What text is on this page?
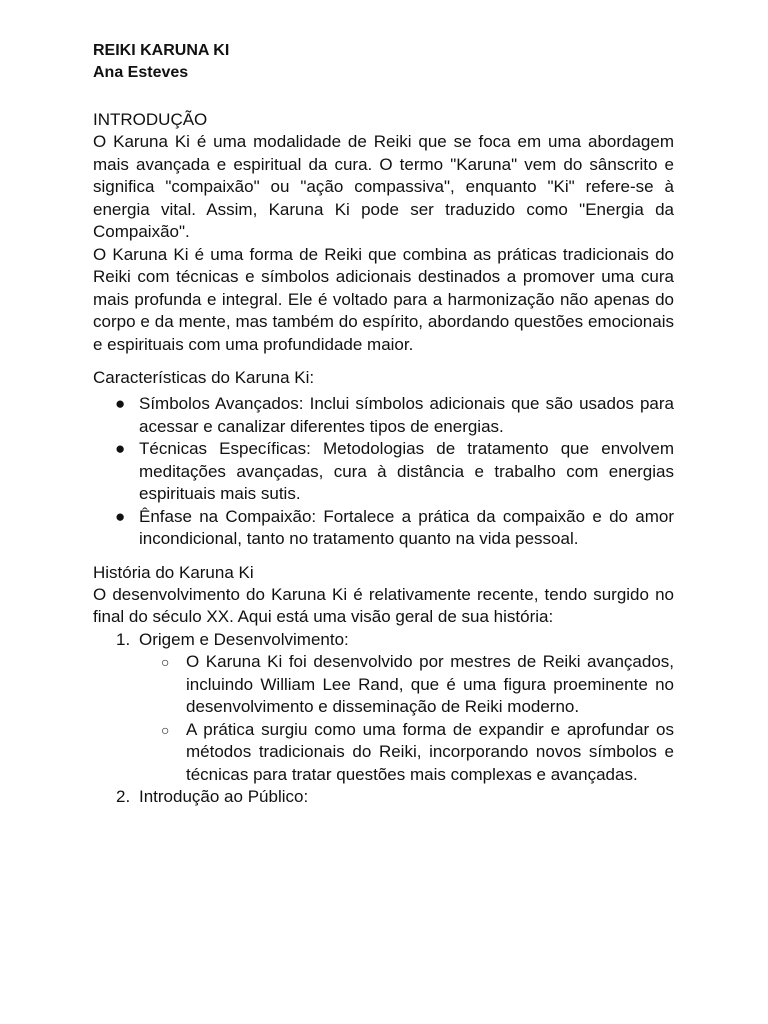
REIKI KARUNA KI

Ana Esteves

INTRODUÇÃO

O Karuna Ki é uma modalidade de Reiki que se foca em uma abordagem mais avançada e espiritual da cura. O termo "Karuna" vem do sânscrito e significa "compaixão" ou "ação compassiva", enquanto "Ki" refere-se à energia vital. Assim, Karuna Ki pode ser traduzido como "Energia da Compaixão".

O Karuna Ki é uma forma de Reiki que combina as práticas tradicionais do Reiki com técnicas e símbolos adicionais destinados a promover uma cura mais profunda e integral. Ele é voltado para a harmonização não apenas do corpo e da mente, mas também do espírito, abordando questões emocionais e espirituais com uma profundidade maior.

Características do Karuna Ki:

● Símbolos Avançados: Inclui símbolos adicionais que são usados para acessar e canalizar diferentes tipos de energias.
● Técnicas Específicas: Metodologias de tratamento que envolvem meditações avançadas, cura à distância e trabalho com energias espirituais mais sutis.
● Ênfase na Compaixão: Fortalece a prática da compaixão e do amor incondicional, tanto no tratamento quanto na vida pessoal.

História do Karuna Ki

O desenvolvimento do Karuna Ki é relativamente recente, tendo surgido no final do século XX. Aqui está uma visão geral de sua história:

1. Origem e Desenvolvimento:
○ O Karuna Ki foi desenvolvido por mestres de Reiki avançados, incluindo William Lee Rand, que é uma figura proeminente no desenvolvimento e disseminação de Reiki moderno.
○ A prática surgiu como uma forma de expandir e aprofundar os métodos tradicionais do Reiki, incorporando novos símbolos e técnicas para tratar questões mais complexas e avançadas.
2. Introdução ao Público:
